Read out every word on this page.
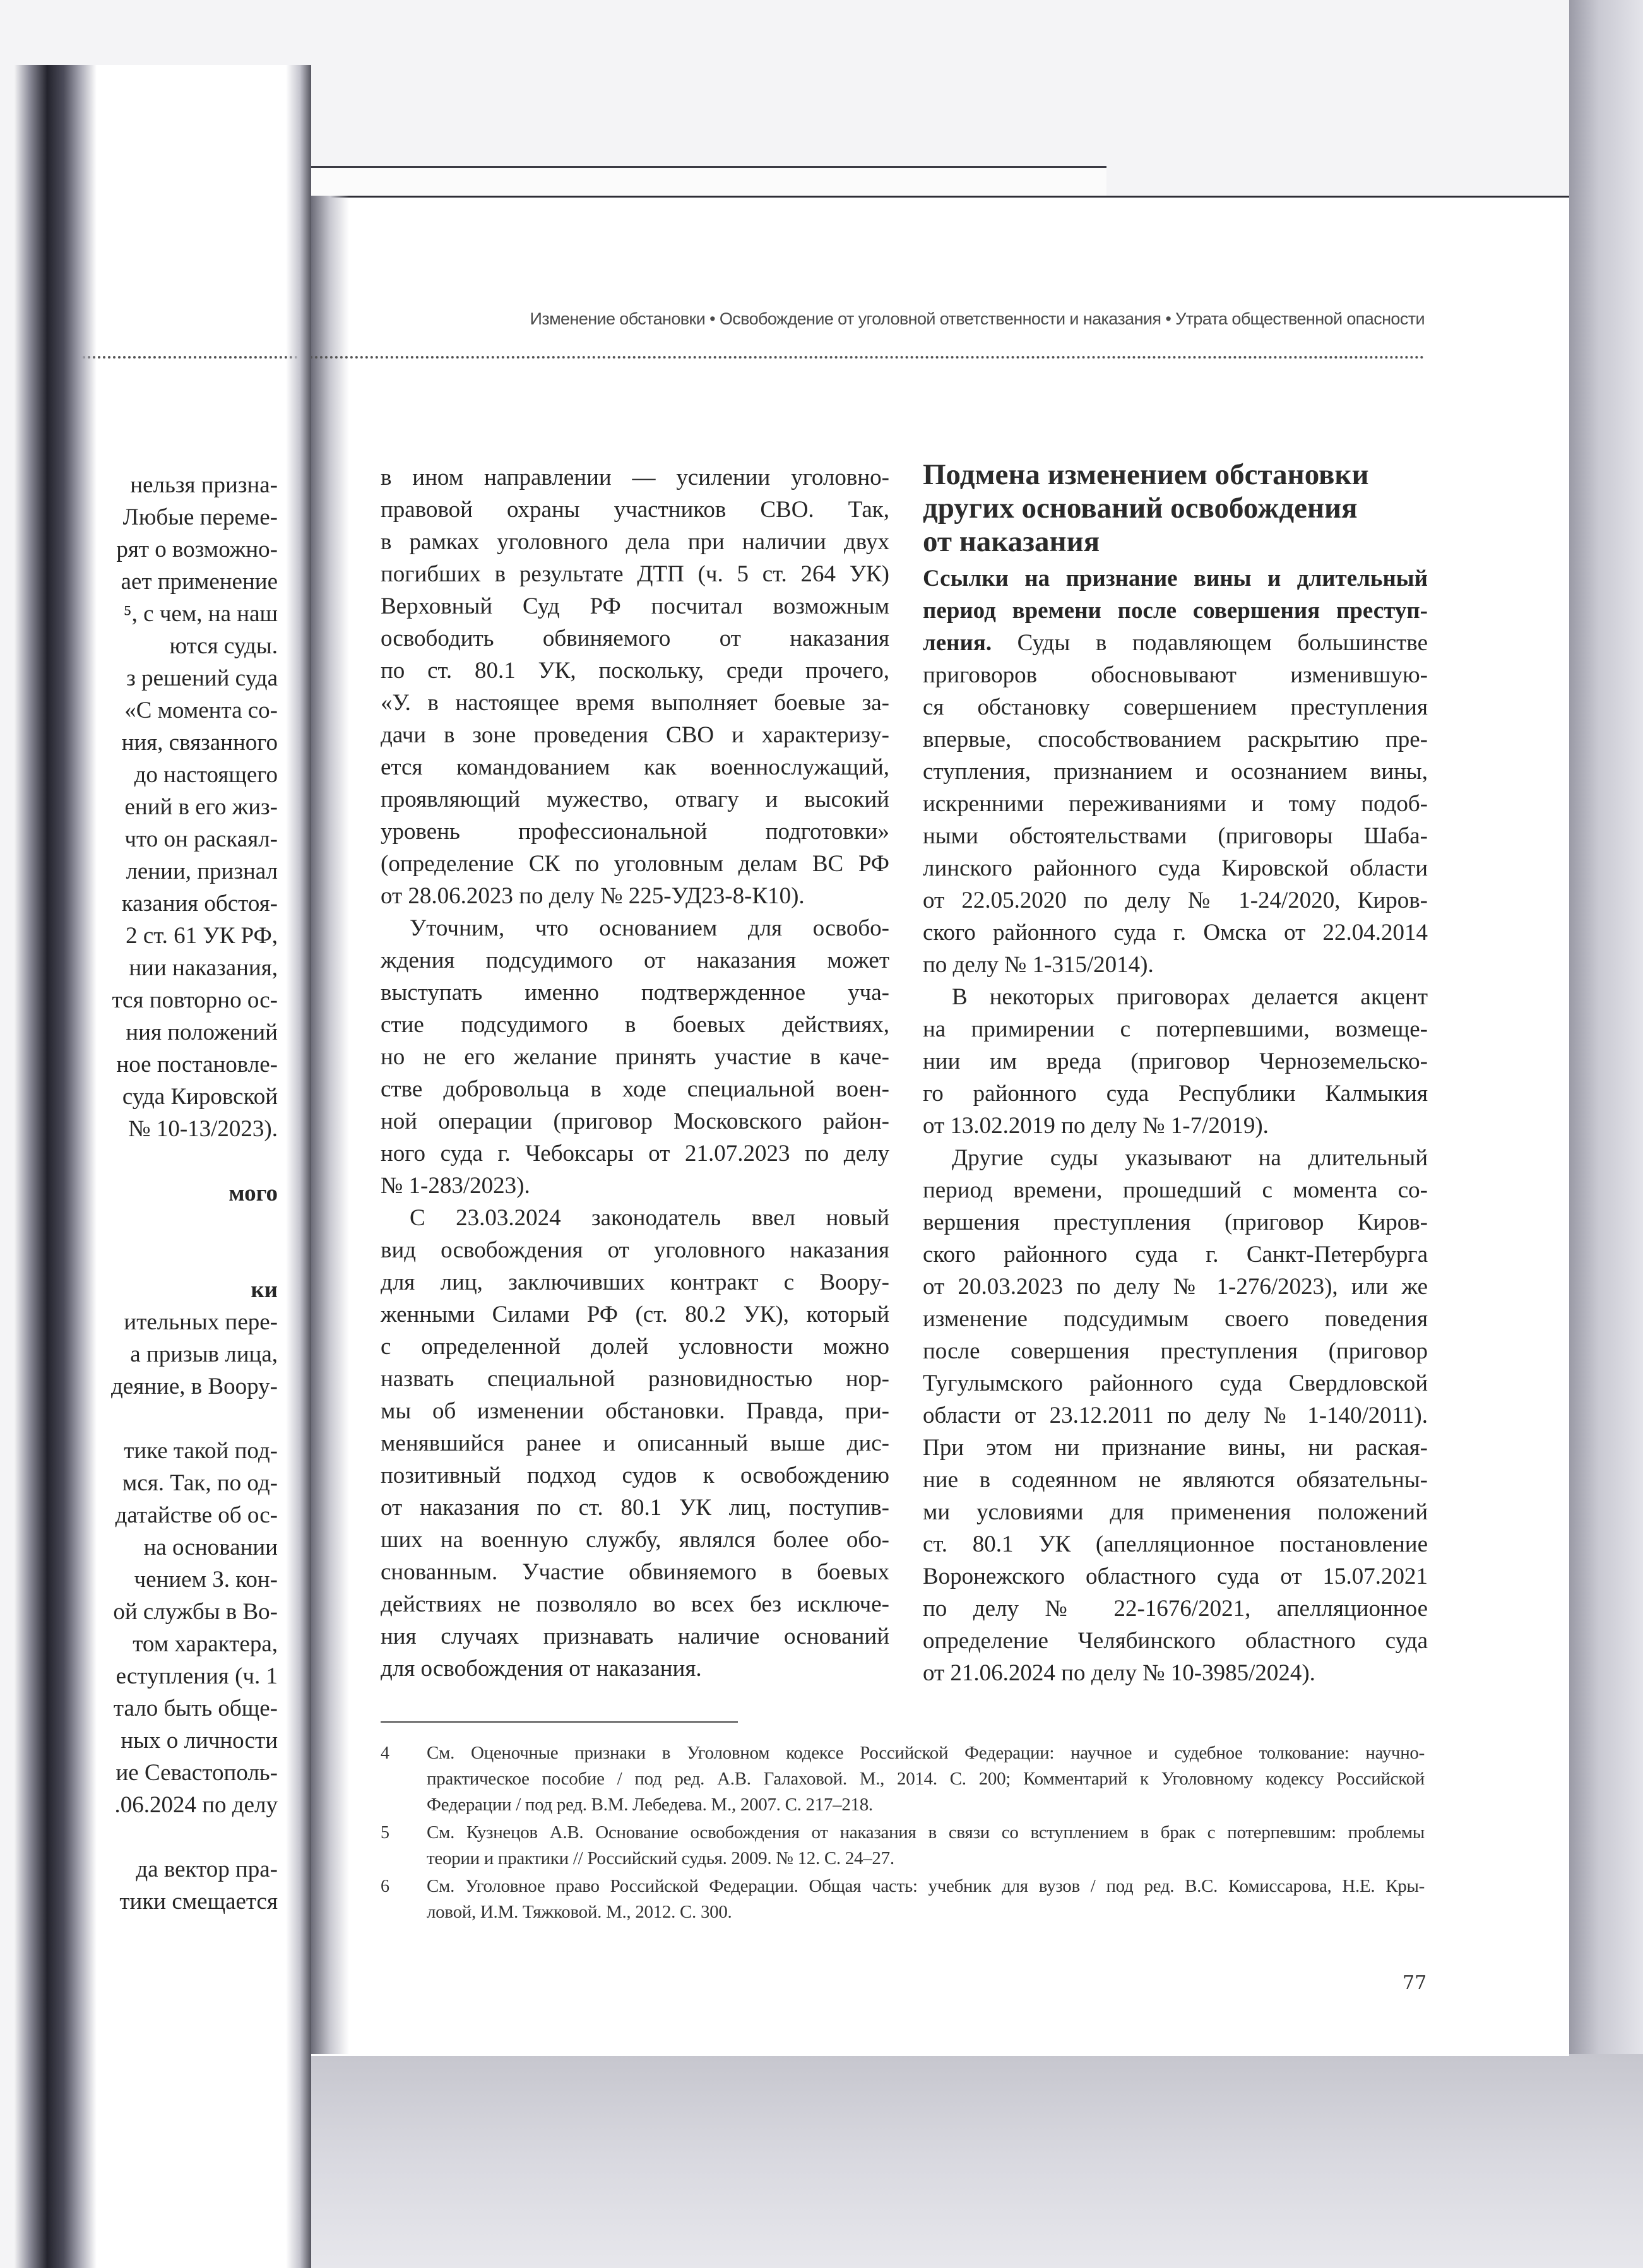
нельзя призна-
Любые переме-
рят о возможно-
ает применение
⁵, с чем, на наш
ются суды.
з решений суда
«С момента со-
ния, связанного
до настоящего
ений в его жиз-
что он раскаял-
лении, признал
казания обстоя-
2 ст. 61 УК РФ,
нии наказания,
тся повторно ос-
ния положений
ное постановле-
суда Кировской
№ 10-13/2023).
мого
ки
ительных пере-
а призыв лица,
деяние, в Воору-
тике такой под-
мся. Так, по од-
датайстве об ос-
на основании
чением З. кон-
ой службы в Во-
том характера,
еступления (ч. 1
тало быть обще-
ных о личности
ие Севастополь-
.06.2024 по делу
да вектор пра-
тики смещается
Изменение обстановки • Освобождение от уголовной ответственности и наказания • Утрата общественной опасности
в ином направлении — усилении уголовно-
правовой охраны участников СВО. Так,
в рамках уголовного дела при наличии двух
погибших в результате ДТП (ч. 5 ст. 264 УК)
Верховный Суд РФ посчитал возможным
освободить обвиняемого от наказания
по ст. 80.1 УК, поскольку, среди прочего,
«У. в настоящее время выполняет боевые за-
дачи в зоне проведения СВО и характеризу-
ется командованием как военнослужащий,
проявляющий мужество, отвагу и высокий
уровень профессиональной подготовки»
(определение СК по уголовным делам ВС РФ
от 28.06.2023 по делу № 225-УД23-8-К10).
Уточним, что основанием для освобо-
ждения подсудимого от наказания может
выступать именно подтвержденное уча-
стие подсудимого в боевых действиях,
но не его желание принять участие в каче-
стве добровольца в ходе специальной воен-
ной операции (приговор Московского район-
ного суда г. Чебоксары от 21.07.2023 по делу
№ 1-283/2023).
С 23.03.2024 законодатель ввел новый
вид освобождения от уголовного наказания
для лиц, заключивших контракт с Воору-
женными Силами РФ (ст. 80.2 УК), который
с определенной долей условности можно
назвать специальной разновидностью нор-
мы об изменении обстановки. Правда, при-
менявшийся ранее и описанный выше дис-
позитивный подход судов к освобождению
от наказания по ст. 80.1 УК лиц, поступив-
ших на военную службу, являлся более обо-
снованным. Участие обвиняемого в боевых
действиях не позволяло во всех без исключе-
ния случаях признавать наличие оснований
для освобождения от наказания.
Подмена изменением обстановки
других оснований освобождения
от наказания
Ссылки на признание вины и длительный
период времени после совершения преступ-
ления. Суды в подавляющем большинстве
приговоров обосновывают изменившую-
ся обстановку совершением преступления
впервые, способствованием раскрытию пре-
ступления, признанием и осознанием вины,
искренними переживаниями и тому подоб-
ными обстоятельствами (приговоры Шаба-
линского районного суда Кировской области
от 22.05.2020 по делу № 1-24/2020, Киров-
ского районного суда г. Омска от 22.04.2014
по делу № 1-315/2014).
В некоторых приговорах делается акцент
на примирении с потерпевшими, возмеще-
нии им вреда (приговор Черноземельско-
го районного суда Республики Калмыкия
от 13.02.2019 по делу № 1-7/2019).
Другие суды указывают на длительный
период времени, прошедший с момента со-
вершения преступления (приговор Киров-
ского районного суда г. Санкт-Петербурга
от 20.03.2023 по делу № 1-276/2023), или же
изменение подсудимым своего поведения
после совершения преступления (приговор
Тугулымского районного суда Свердловской
области от 23.12.2011 по делу № 1-140/2011).
При этом ни признание вины, ни раская-
ние в содеянном не являются обязательны-
ми условиями для применения положений
ст. 80.1 УК (апелляционное постановление
Воронежского областного суда от 15.07.2021
по делу № 22-1676/2021, апелляционное
определение Челябинского областного суда
от 21.06.2024 по делу № 10-3985/2024).
4	См. Оценочные признаки в Уголовном кодексе Российской Федерации: научное и судебное толкование: научно-
практическое пособие / под ред. А.В. Галаховой. М., 2014. С. 200; Комментарий к Уголовному кодексу Российской
Федерации / под ред. В.М. Лебедева. М., 2007. С. 217–218.
5	См. Кузнецов А.В. Основание освобождения от наказания в связи со вступлением в брак с потерпевшим: проблемы
теории и практики // Российский судья. 2009. № 12. С. 24–27.
6	См. Уголовное право Российской Федерации. Общая часть: учебник для вузов / под ред. В.С. Комиссарова, Н.Е. Кры-
ловой, И.М. Тяжковой. М., 2012. С. 300.
77
